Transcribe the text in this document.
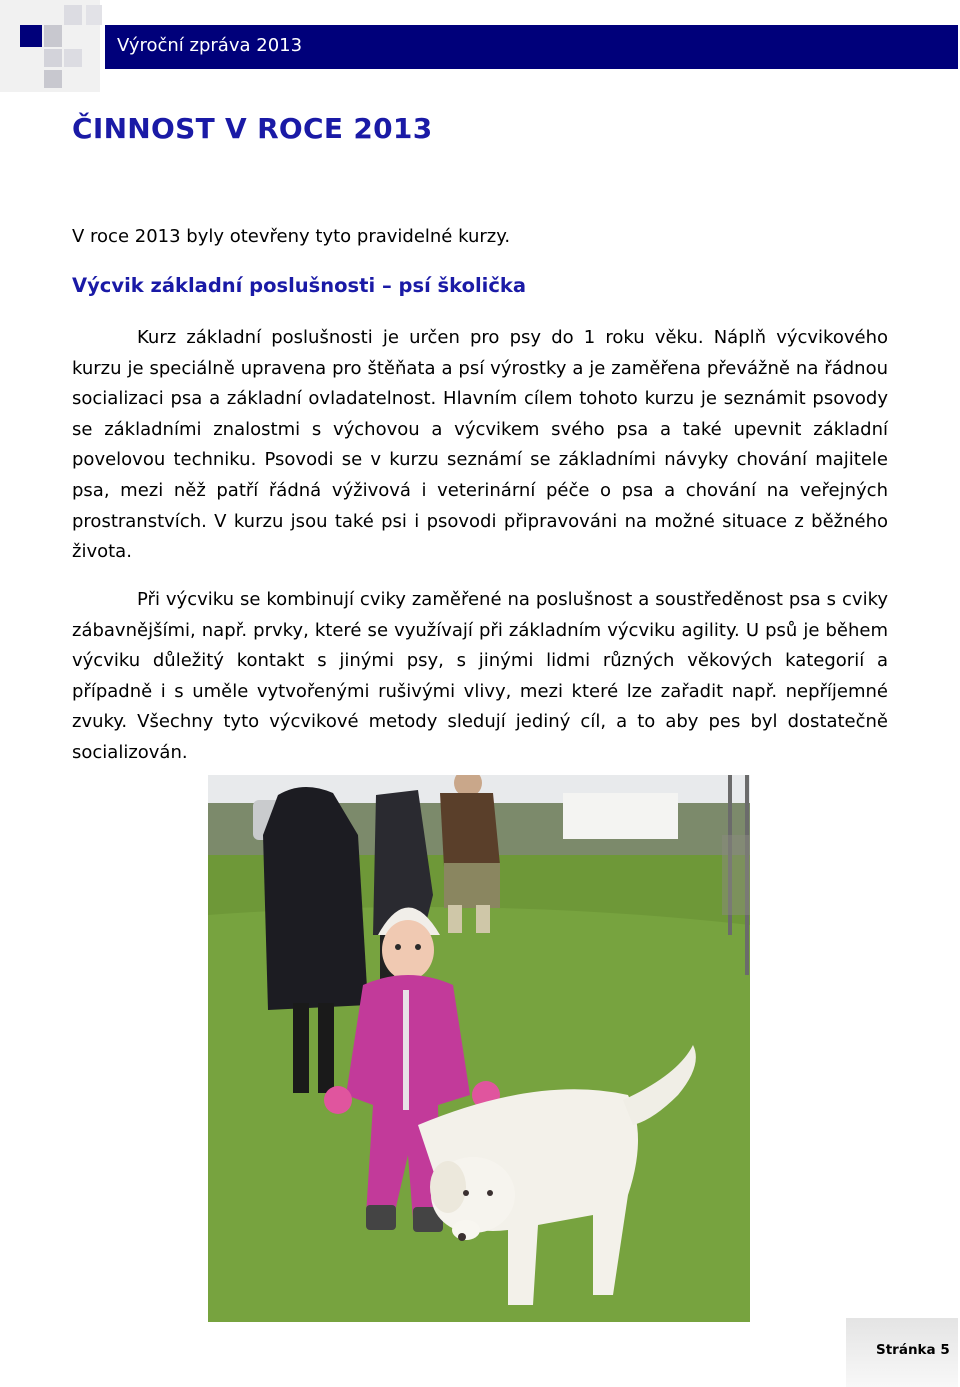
Výroční zpráva 2013
ČINNOST V ROCE 2013

V roce 2013 byly otevřeny tyto pravidelné kurzy.

Výcvik základní poslušnosti – psí školička

Kurz základní poslušnosti je určen pro psy do 1 roku věku. Náplň výcvikového kurzu je speciálně upravena pro štěňata a psí výrostky a je zaměřena převážně na řádnou socializaci psa a základní ovladatelnost. Hlavním cílem tohoto kurzu je seznámit psovody se základními znalostmi s výchovou a výcvikem svého psa a také upevnit základní povelovou techniku. Psovodi se v kurzu seznámí se základními návyky chování majitele psa, mezi něž patří řádná výživová i veterinární péče o psa a chování na veřejných prostranstvích. V kurzu jsou také psi i psovodi připravováni na možné situace z běžného života.

Při výcviku se kombinují cviky zaměřené na poslušnost a soustředěnost psa s cviky zábavnějšími, např. prvky, které se využívají při základním výcviku agility. U psů je během výcviku důležitý kontakt s jinými psy, s jinými lidmi různých věkových kategorií a případně i s uměle vytvořenými rušivými vlivy, mezi které lze zařadit např. nepříjemné zvuky. Všechny tyto výcvikové metody sledují jediný cíl, a to aby pes byl dostatečně socializován.

Stránka 5
